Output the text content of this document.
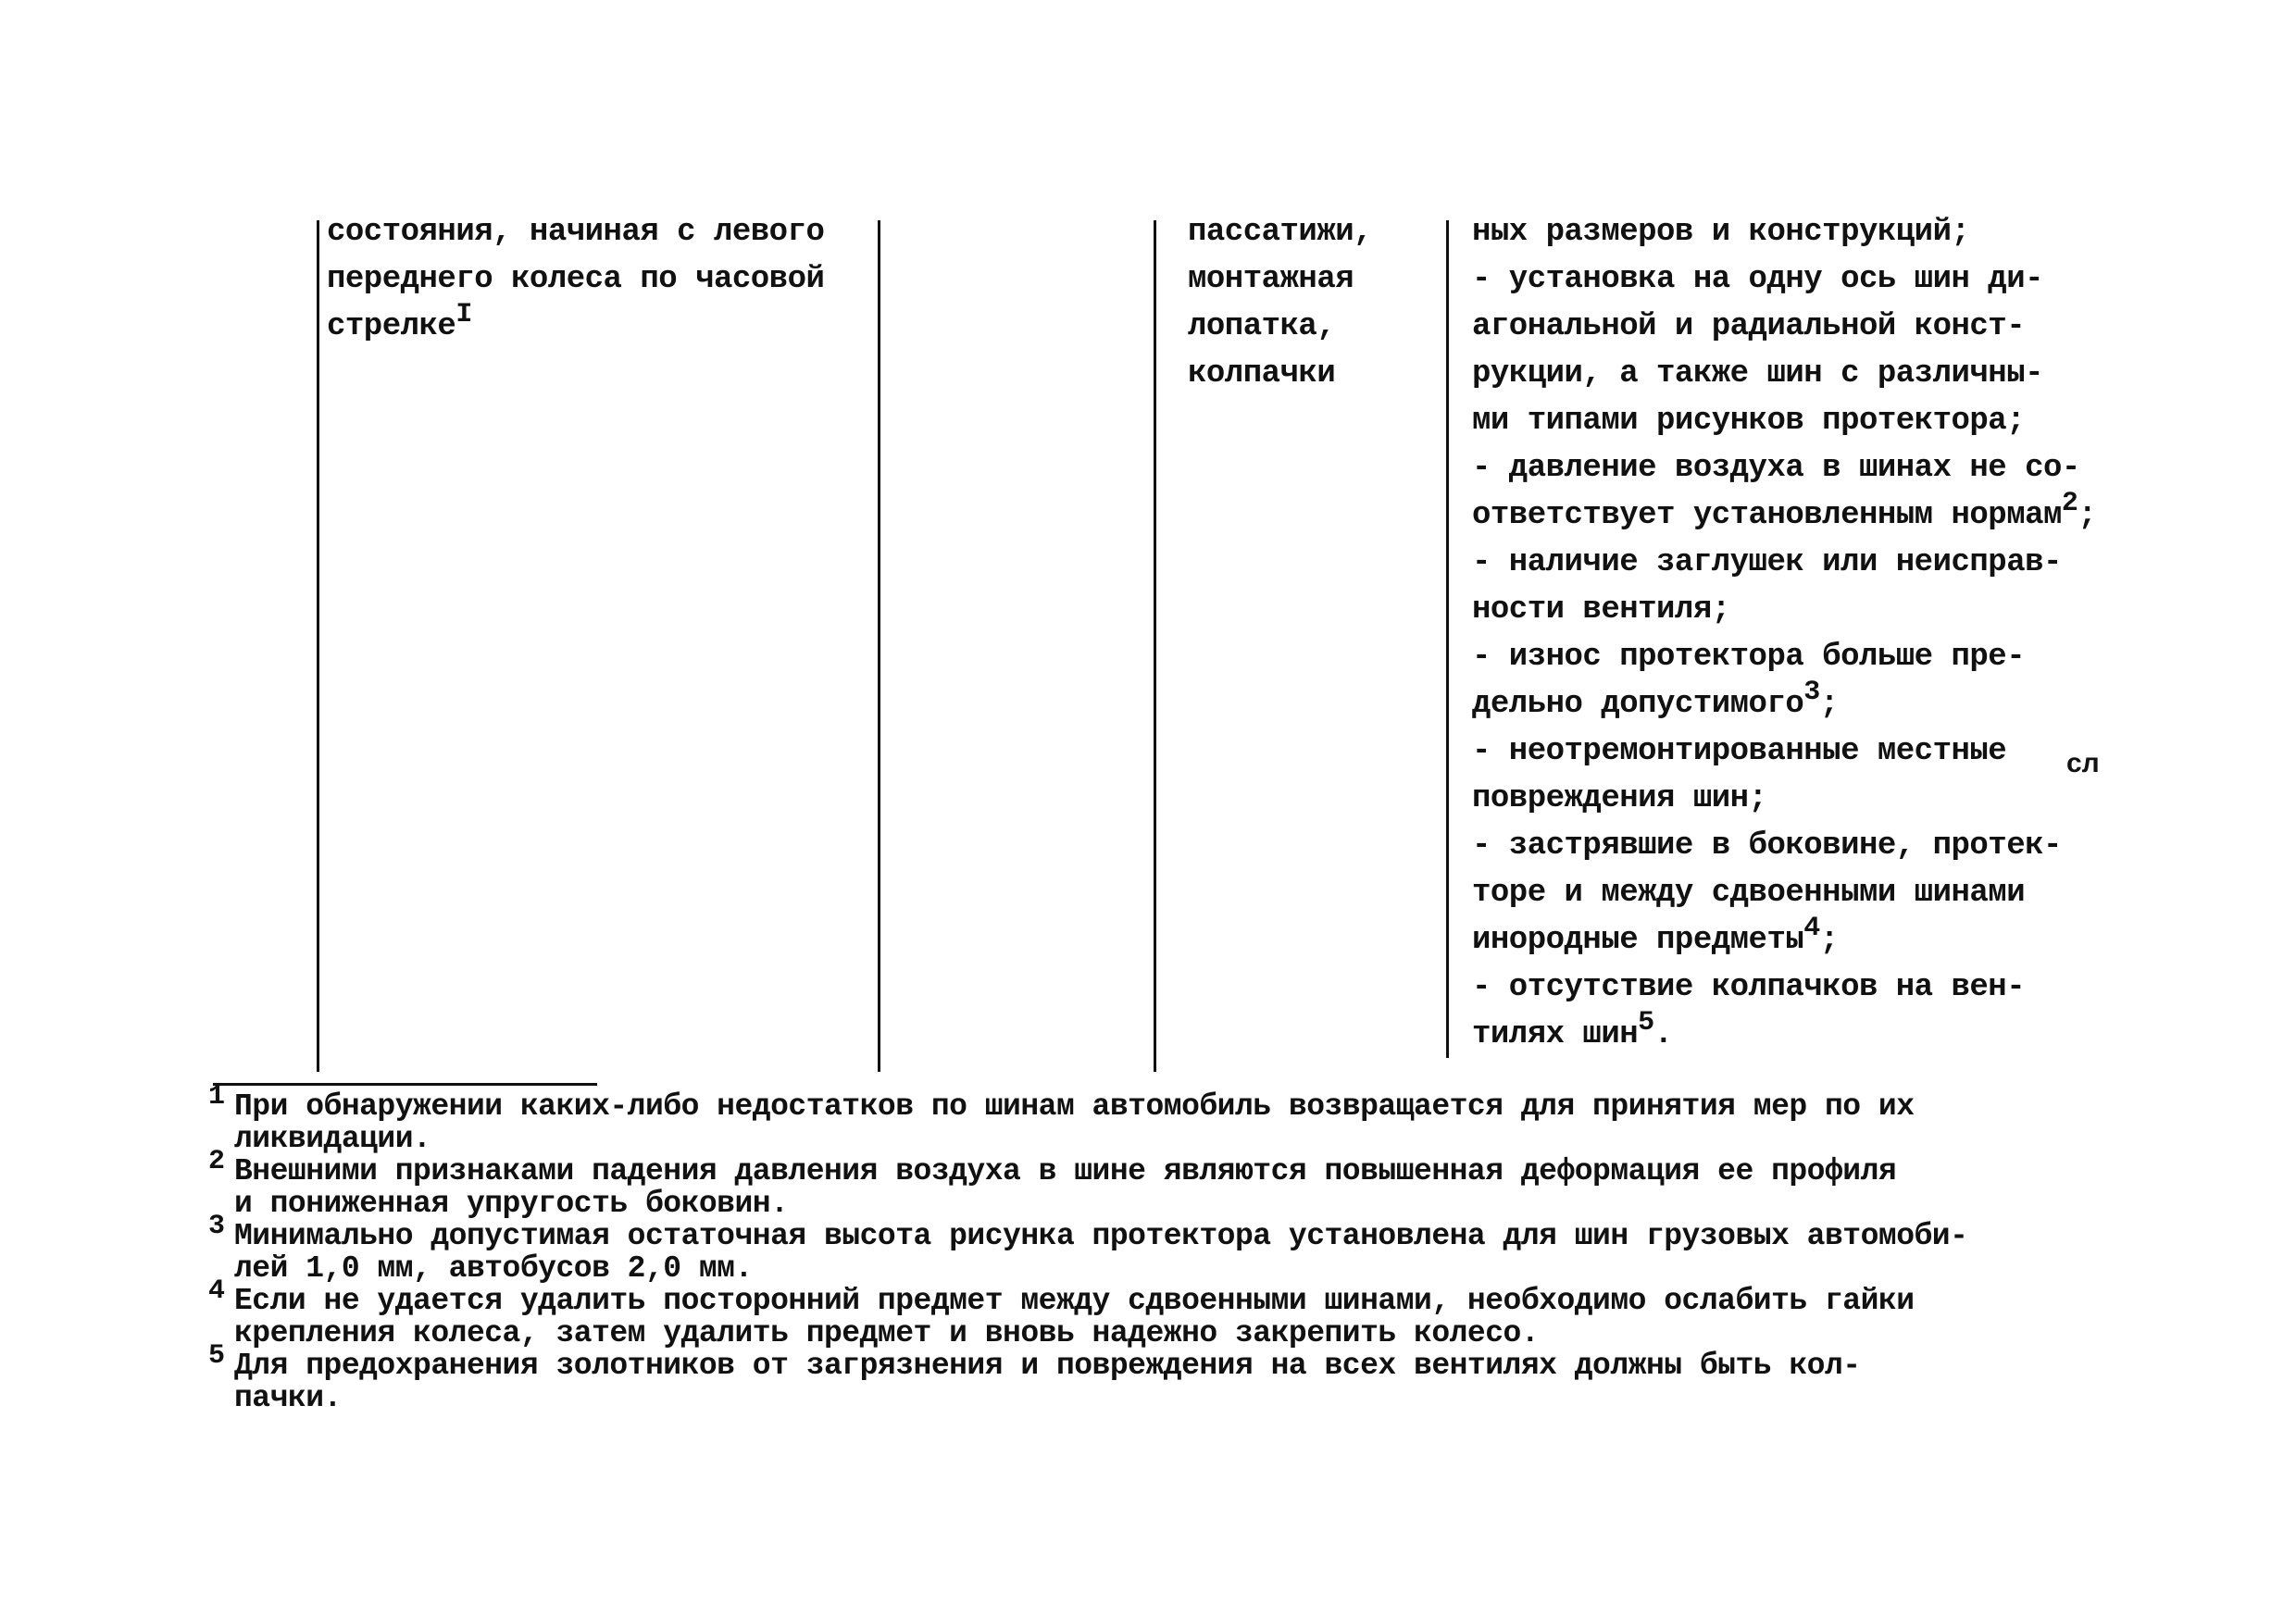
состояния, начиная с левого
переднего колеса по часовой
стрелке$^I$
пассатижи,
монтажная
лопатка,
колпачки
ных размеров и конструкций;
- установка на одну ось шин ди-
агональной и радиальной конст-
рукции, а также шин с различны-
ми типами рисунков протектора;
- давление воздуха в шинах не со-
ответствует установленным нормам$^2$;
- наличие заглушек или неисправ-
ности вентиля;
- износ протектора больше пре-
дельно допустимого$^3$;
- неотремонтированные местные
повреждения шин;
- застрявшие в боковине, протек-
торе и между сдвоенными шинами
инородные предметы$^4$;
- отсутствие колпачков на вен-
тилях шин$^5$.
сл
1 При обнаружении каких-либо недостатков по шинам автомобиль возвращается для принятия мер по их
ликвидации.
2 Внешними признаками падения давления воздуха в шине являются повышенная деформация ее профиля
и пониженная упругость боковин.
3 Минимально допустимая остаточная высота рисунка протектора установлена для шин грузовых автомоби-
лей 1,0 мм, автобусов 2,0 мм.
4 Если не удается удалить посторонний предмет между сдвоенными шинами, необходимо ослабить гайки
крепления колеса, затем удалить предмет и вновь надежно закрепить колесо.
5 Для предохранения золотников от загрязнения и повреждения на всех вентилях должны быть кол-
пачки.
